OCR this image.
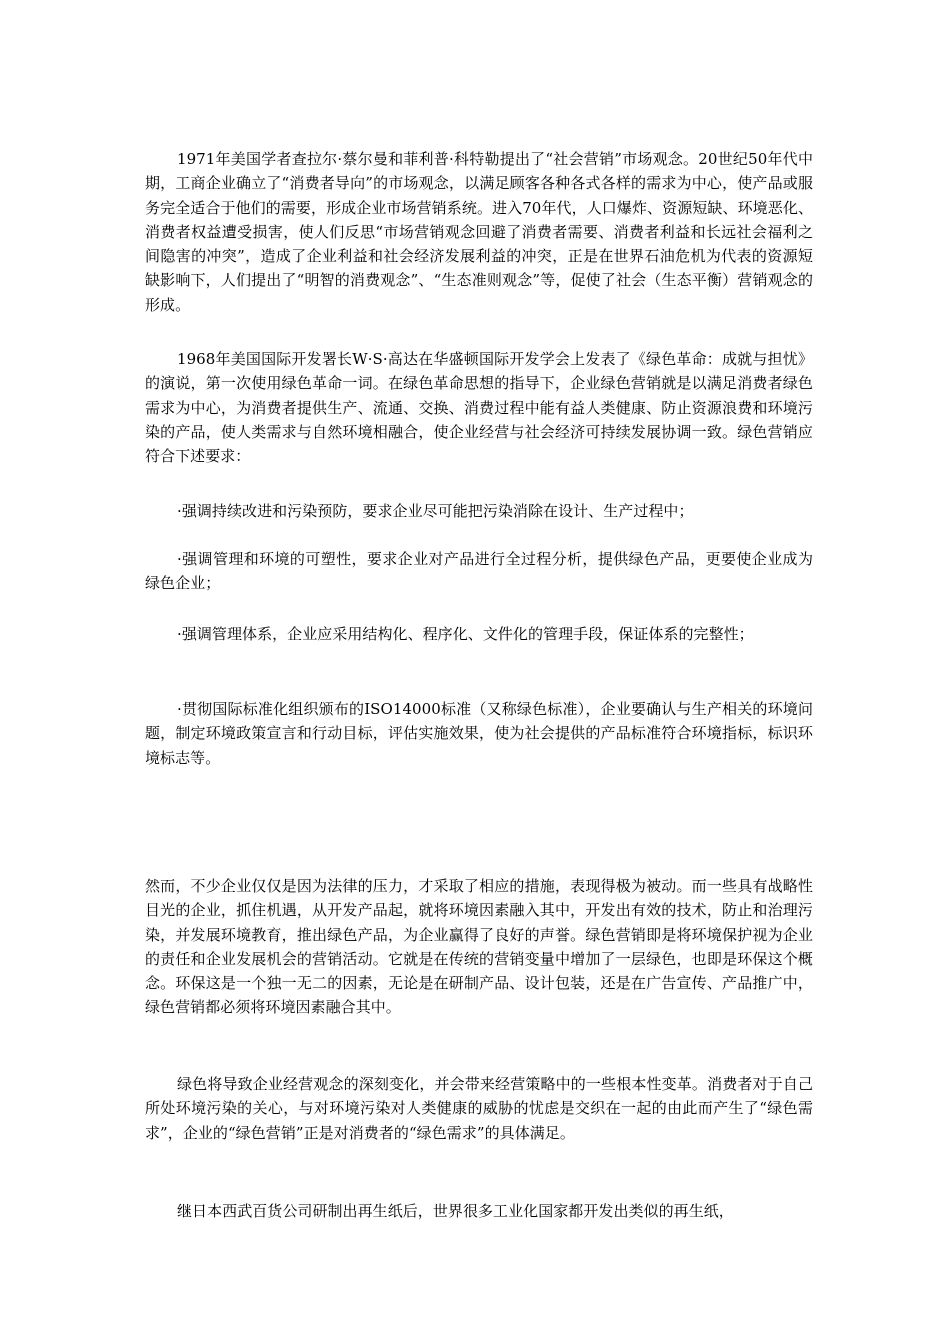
1971年美国学者查拉尔·蔡尔曼和菲利普·科特勒提出了“社会营销”市场观念。20世纪50年代中期，工商企业确立了“消费者导向”的市场观念，以满足顾客各种各式各样的需求为中心，使产品或服务完全适合于他们的需要，形成企业市场营销系统。进入70年代，人口爆炸、资源短缺、环境恶化、消费者权益遭受损害，使人们反思“市场营销观念回避了消费者需要、消费者利益和长远社会福利之间隐害的冲突”，造成了企业利益和社会经济发展利益的冲突，正是在世界石油危机为代表的资源短缺影响下，人们提出了“明智的消费观念”、“生态准则观念”等，促使了社会（生态平衡）营销观念的形成。

1968年美国国际开发署长W·S·高达在华盛顿国际开发学会上发表了《绿色革命：成就与担忧》的演说，第一次使用绿色革命一词。在绿色革命思想的指导下，企业绿色营销就是以满足消费者绿色需求为中心，为消费者提供生产、流通、交换、消费过程中能有益人类健康、防止资源浪费和环境污染的产品，使人类需求与自然环境相融合，使企业经营与社会经济可持续发展协调一致。绿色营销应符合下述要求：

·强调持续改进和污染预防，要求企业尽可能把污染消除在设计、生产过程中；

·强调管理和环境的可塑性，要求企业对产品进行全过程分析，提供绿色产品，更要使企业成为绿色企业；

·强调管理体系，企业应采用结构化、程序化、文件化的管理手段，保证体系的完整性；

·贯彻国际标准化组织颁布的ISO14000标准（又称绿色标准），企业要确认与生产相关的环境问题，制定环境政策宣言和行动目标，评估实施效果，使为社会提供的产品标准符合环境指标，标识环境标志等。

然而，不少企业仅仅是因为法律的压力，才采取了相应的措施，表现得极为被动。而一些具有战略性目光的企业，抓住机遇，从开发产品起，就将环境因素融入其中，开发出有效的技术，防止和治理污染，并发展环境教育，推出绿色产品，为企业赢得了良好的声誉。绿色营销即是将环境保护视为企业的责任和企业发展机会的营销活动。它就是在传统的营销变量中增加了一层绿色，也即是环保这个概念。环保这是一个独一无二的因素，无论是在研制产品、设计包装，还是在广告宣传、产品推广中，绿色营销都必须将环境因素融合其中。

绿色将导致企业经营观念的深刻变化，并会带来经营策略中的一些根本性变革。消费者对于自己所处环境污染的关心，与对环境污染对人类健康的威胁的忧虑是交织在一起的由此而产生了“绿色需求”，企业的“绿色营销”正是对消费者的“绿色需求”的具体满足。

继日本西武百货公司研制出再生纸后，世界很多工业化国家都开发出类似的再生纸，
